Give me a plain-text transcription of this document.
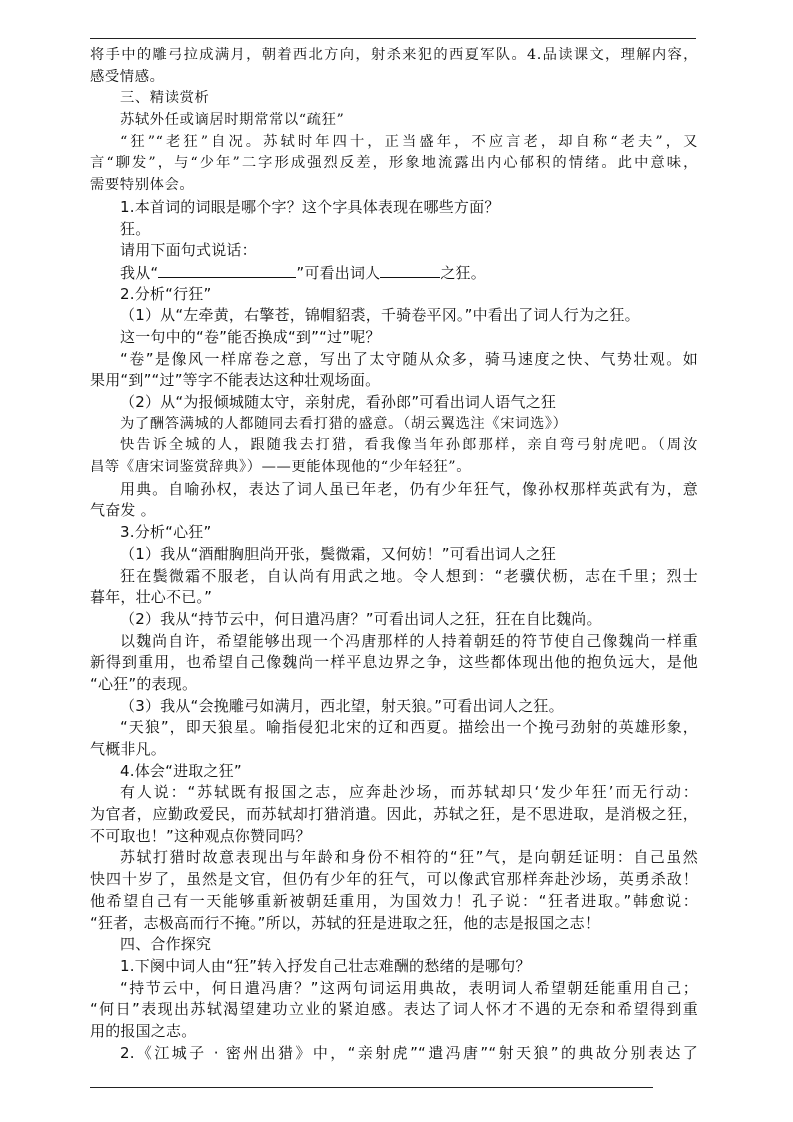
将手中的雕弓拉成满月，朝着西北方向，射杀来犯的西夏军队。4.品读课文，理解内容，
感受情感。
三、精读赏析
苏轼外任或谪居时期常常以“疏狂”
“狂”“老狂”自况。苏轼时年四十，正当盛年，不应言老，却自称“老夫”，又
言“聊发”，与“少年”二字形成强烈反差，形象地流露出内心郁积的情绪。此中意味，
需要特别体会。
1.本首词的词眼是哪个字？这个字具体表现在哪些方面？
狂。
请用下面句式说话：
我从“	”可看出词人	之狂。
2.分析“行狂”
（1）从“左牵黄，右擎苍，锦帽貂裘，千骑卷平冈。”中看出了词人行为之狂。
这一句中的“卷”能否换成“到”“过”呢？
“卷”是像风一样席卷之意，写出了太守随从众多，骑马速度之快、气势壮观。如
果用“到”“过”等字不能表达这种壮观场面。
（2）从“为报倾城随太守，亲射虎，看孙郎”可看出词人语气之狂
为了酬答满城的人都随同去看打猎的盛意。（胡云翼选注《宋词选》）
快告诉全城的人，跟随我去打猎，看我像当年孙郎那样，亲自弯弓射虎吧。（周汝
昌等《唐宋词鉴赏辞典》）——更能体现他的“少年轻狂”。
用典。自喻孙权，表达了词人虽已年老，仍有少年狂气，像孙权那样英武有为，意
气奋发 。
3.分析“心狂”
（1）我从“酒酣胸胆尚开张，鬓微霜，又何妨！”可看出词人之狂
狂在鬓微霜不服老，自认尚有用武之地。令人想到：“老骥伏枥，志在千里；烈士
暮年，壮心不已。”
（2）我从“持节云中，何日遣冯唐？”可看出词人之狂，狂在自比魏尚。
以魏尚自许，希望能够出现一个冯唐那样的人持着朝廷的符节使自己像魏尚一样重
新得到重用，也希望自己像魏尚一样平息边界之争，这些都体现出他的抱负远大，是他
“心狂”的表现。
（3）我从“会挽雕弓如满月，西北望，射天狼。”可看出词人之狂。
“天狼”，即天狼星。喻指侵犯北宋的辽和西夏。描绘出一个挽弓劲射的英雄形象，
气概非凡。
4.体会“进取之狂”
有人说：“苏轼既有报国之志，应奔赴沙场，而苏轼却只‘发少年狂’而无行动：
为官者，应勤政爱民，而苏轼却打猎消遣。因此，苏轼之狂，是不思进取，是消极之狂，
不可取也！”这种观点你赞同吗？
苏轼打猎时故意表现出与年龄和身份不相符的“狂”气，是向朝廷证明：自己虽然
快四十岁了，虽然是文官，但仍有少年的狂气，可以像武官那样奔赴沙场，英勇杀敌！
他希望自己有一天能够重新被朝廷重用，为国效力！孔子说：“狂者进取。”韩愈说：
“狂者，志极高而行不掩。”所以，苏轼的狂是进取之狂，他的志是报国之志！
四、合作探究
1.下阕中词人由“狂”转入抒发自己壮志难酬的愁绪的是哪句？
“持节云中，何日遣冯唐？”这两句词运用典故，表明词人希望朝廷能重用自己；
“何日”表现出苏轼渴望建功立业的紧迫感。表达了词人怀才不遇的无奈和希望得到重
用的报国之志。
2.《江城子 · 密州出猎》中，“亲射虎”“遣冯唐”“射天狼”的典故分别表达了
